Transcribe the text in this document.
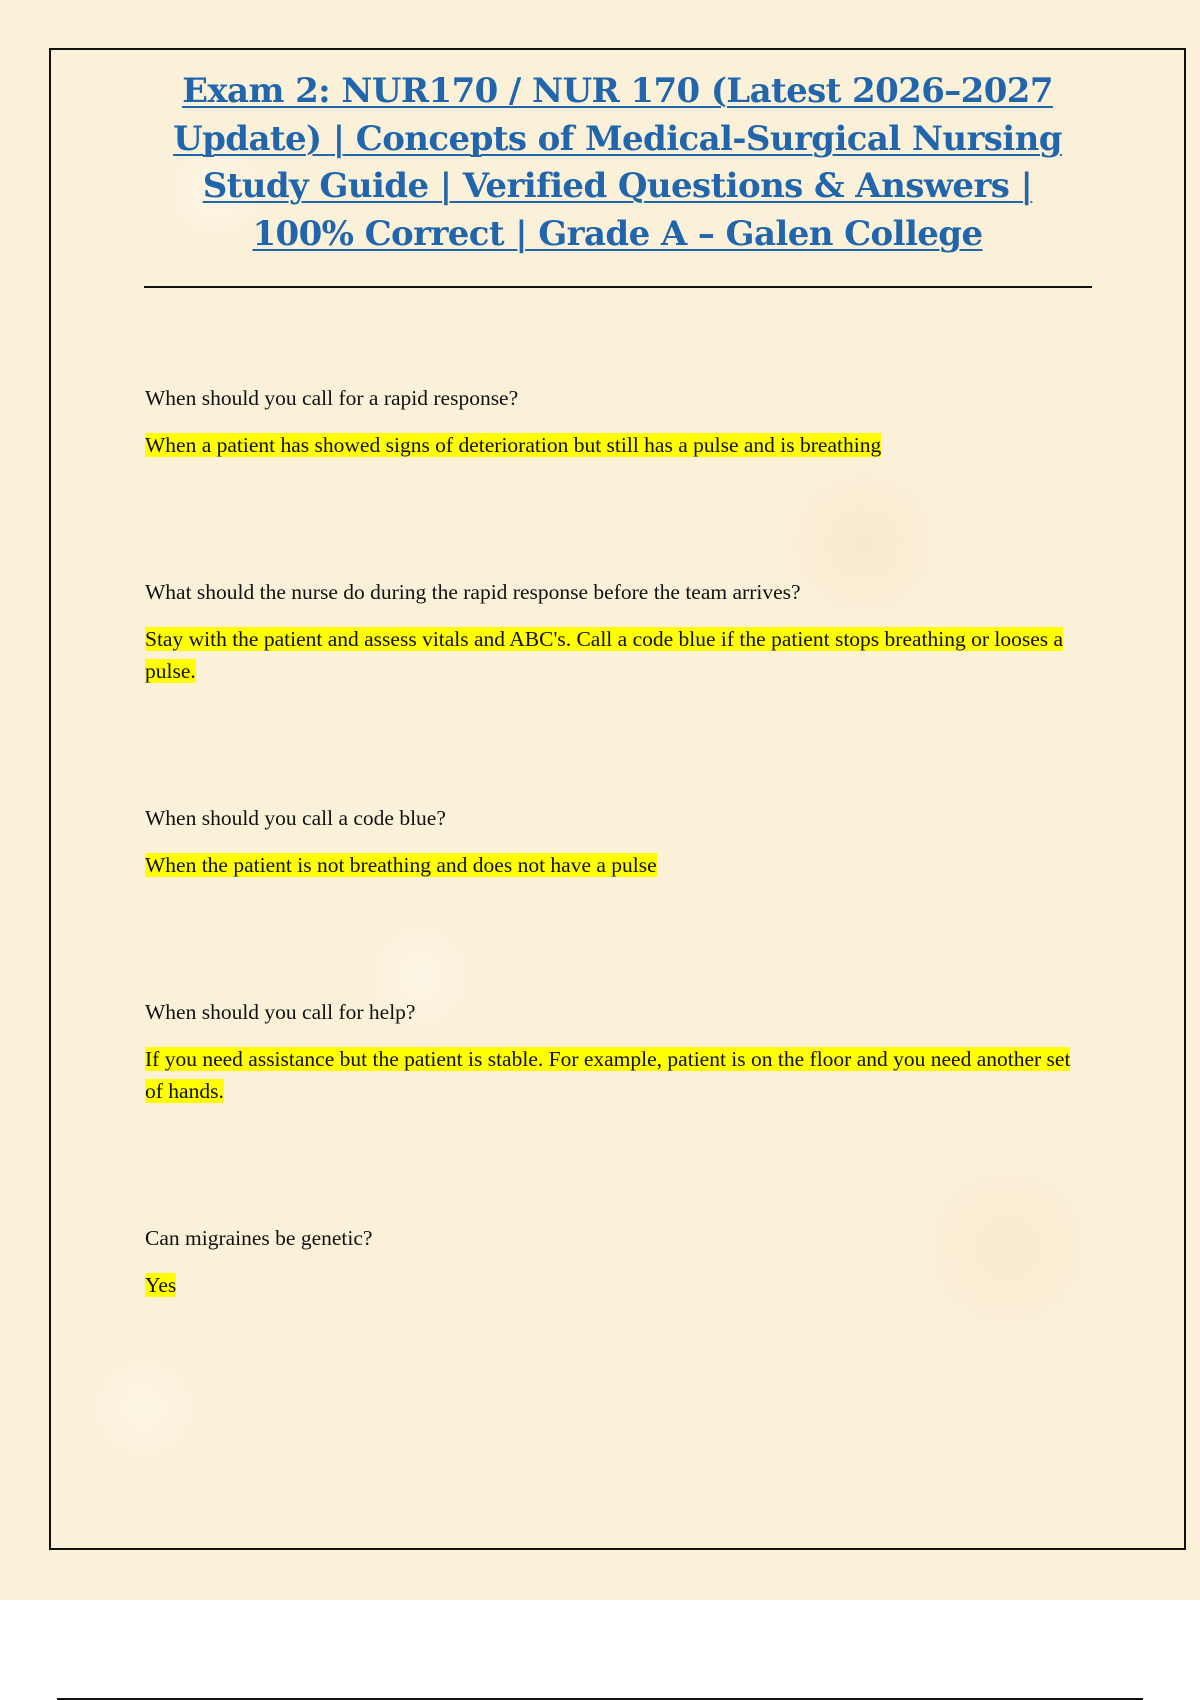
Exam 2: NUR170 / NUR 170 (Latest 2026–2027 Update) | Concepts of Medical-Surgical Nursing Study Guide | Verified Questions & Answers | 100% Correct | Grade A – Galen College

When should you call for a rapid response?

When a patient has showed signs of deterioration but still has a pulse and is breathing

What should the nurse do during the rapid response before the team arrives?

Stay with the patient and assess vitals and ABC's. Call a code blue if the patient stops breathing or looses a pulse.

When should you call a code blue?

When the patient is not breathing and does not have a pulse

When should you call for help?

If you need assistance but the patient is stable. For example, patient is on the floor and you need another set of hands.

Can migraines be genetic?

Yes
